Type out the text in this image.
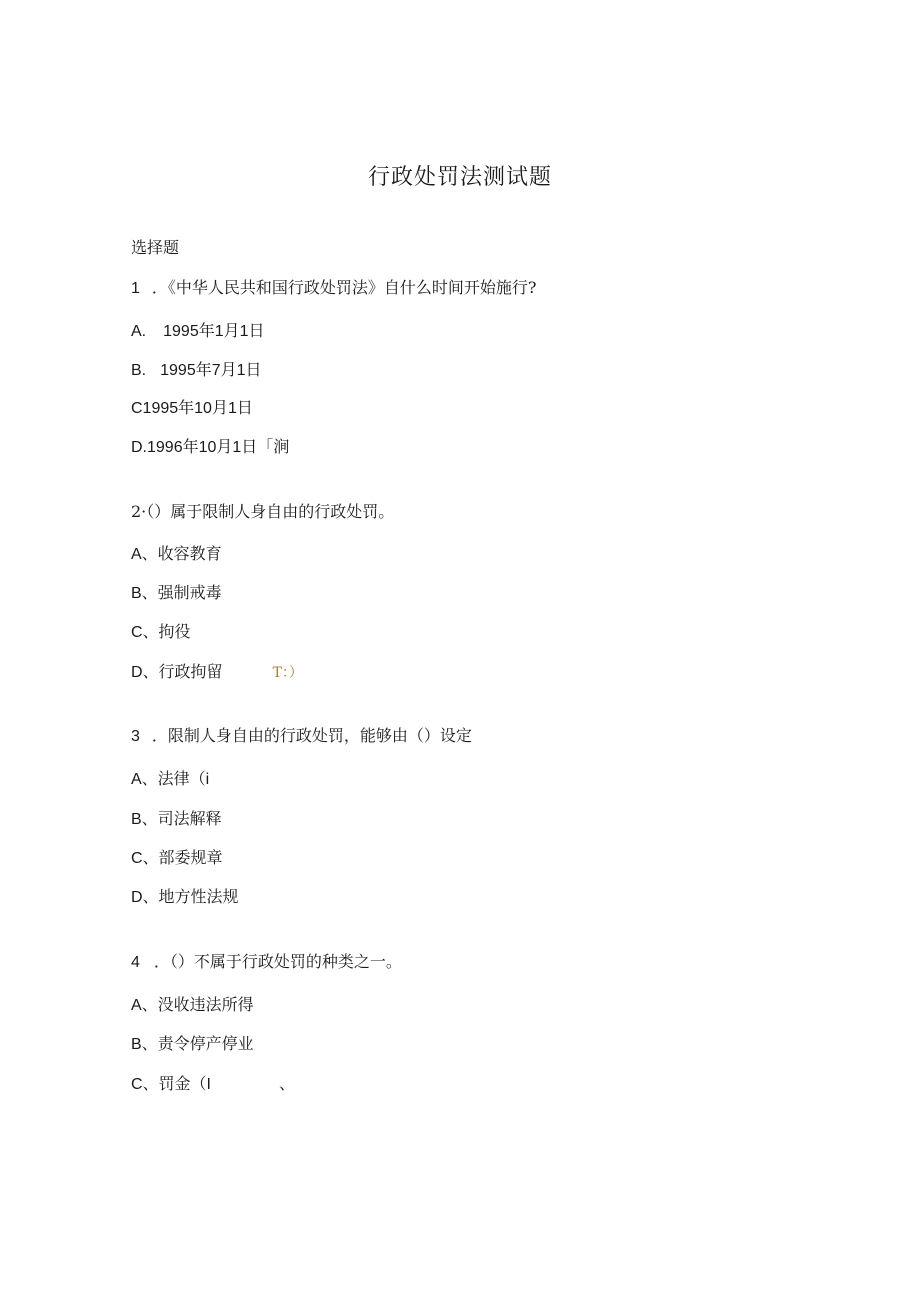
行政处罚法测试题
选择题
1 ．《中华人民共和国行政处罚法》自什么时间开始施行?
A. 1995年1月1日
B. 1995年7月1日
C1995年10月1日
D.1996年10月1日「涧
2·（）属于限制人身自由的行政处罚。
A、收容教育
B、强制戒毒
C、拘役
D、行政拘留	T：）
3 ．限制人身自由的行政处罚，能够由（）设定
A、法律（i
B、司法解释
C、部委规章
D、地方性法规
4 ．（）不属于行政处罚的种类之一。
A、没收违法所得
B、责令停产停业
C、罚金（I	、
